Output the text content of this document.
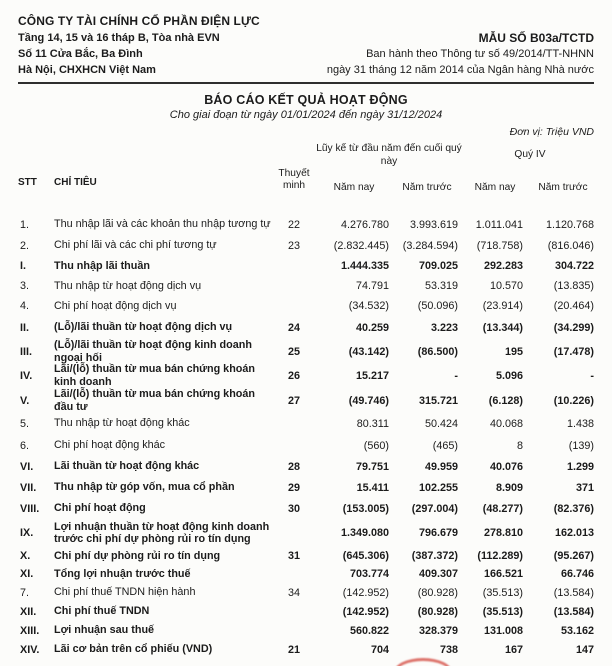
CÔNG TY TÀI CHÍNH CỔ PHẦN ĐIỆN LỰC
Tầng 14, 15 và 16 tháp B, Tòa nhà EVN
Số 11 Cửa Bắc, Ba Đình
Hà Nội, CHXHCN Việt Nam
MẪU SỐ B03a/TCTD
Ban hành theo Thông tư số 49/2014/TT-NHNN
ngày 31 tháng 12 năm 2014 của Ngân hàng Nhà nước
BÁO CÁO KẾT QUẢ HOẠT ĐỘNG
Cho giai đoạn từ ngày 01/01/2024 đến ngày 31/12/2024
Đơn vị: Triệu VND
Lũy kế từ đầu năm đến cuối quý này
Quý IV
STT	CHỈ TIÊU
Thuyết minh	Năm nay	Năm trước	Năm nay	Năm trước
1.	Thu nhập lãi và các khoản thu nhập tương tự	22	4.276.780	3.993.619	1.011.041	1.120.768
2.	Chi phí lãi và các chi phí tương tự	23	(2.832.445)	(3.284.594)	(718.758)	(816.046)
I.	Thu nhập lãi thuần	1.444.335	709.025	292.283	304.722
3.	Thu nhập từ hoạt động dịch vụ	74.791	53.319	10.570	(13.835)
4.	Chi phí hoạt động dịch vụ	(34.532)	(50.096)	(23.914)	(20.464)
II.	(Lỗ)/lãi thuần từ hoạt động dịch vụ	24	40.259	3.223	(13.344)	(34.299)
III.
(Lỗ)/lãi thuần từ hoạt động kinh doanh ngoại hối	25	(43.142)	(86.500)	195	(17.478)
IV.
Lãi/(lỗ) thuần từ mua bán chứng khoán kinh doanh	26	15.217	-	5.096	-
V.
Lãi/(lỗ) thuần từ mua bán chứng khoán đầu tư	27	(49.746)	315.721	(6.128)	(10.226)
5.	Thu nhập từ hoạt động khác	80.311	50.424	40.068	1.438
6.	Chi phí hoạt động khác	(560)	(465)	8	(139)
VI.	Lãi thuần từ hoạt động khác	28	79.751	49.959	40.076	1.299
VII.	Thu nhập từ góp vốn, mua cổ phần	29	15.411	102.255	8.909	371
VIII.	Chi phí hoạt động	30	(153.005)	(297.004)	(48.277)	(82.376)
IX.
Lợi nhuận thuần từ hoạt động kinh doanh trước chi phí dự phòng rủi ro tín dụng	1.349.080	796.679	278.810	162.013
X.	Chi phí dự phòng rủi ro tín dụng	31	(645.306)	(387.372)	(112.289)	(95.267)
XI.	Tổng lợi nhuận trước thuế	703.774	409.307	166.521	66.746
7.	Chi phí thuế TNDN hiện hành	34	(142.952)	(80.928)	(35.513)	(13.584)
XII.	Chi phí thuế TNDN	(142.952)	(80.928)	(35.513)	(13.584)
XIII.	Lợi nhuận sau thuế	560.822	328.379	131.008	53.162
XIV.	Lãi cơ bản trên cổ phiếu (VND)	21	704	738	167	147
